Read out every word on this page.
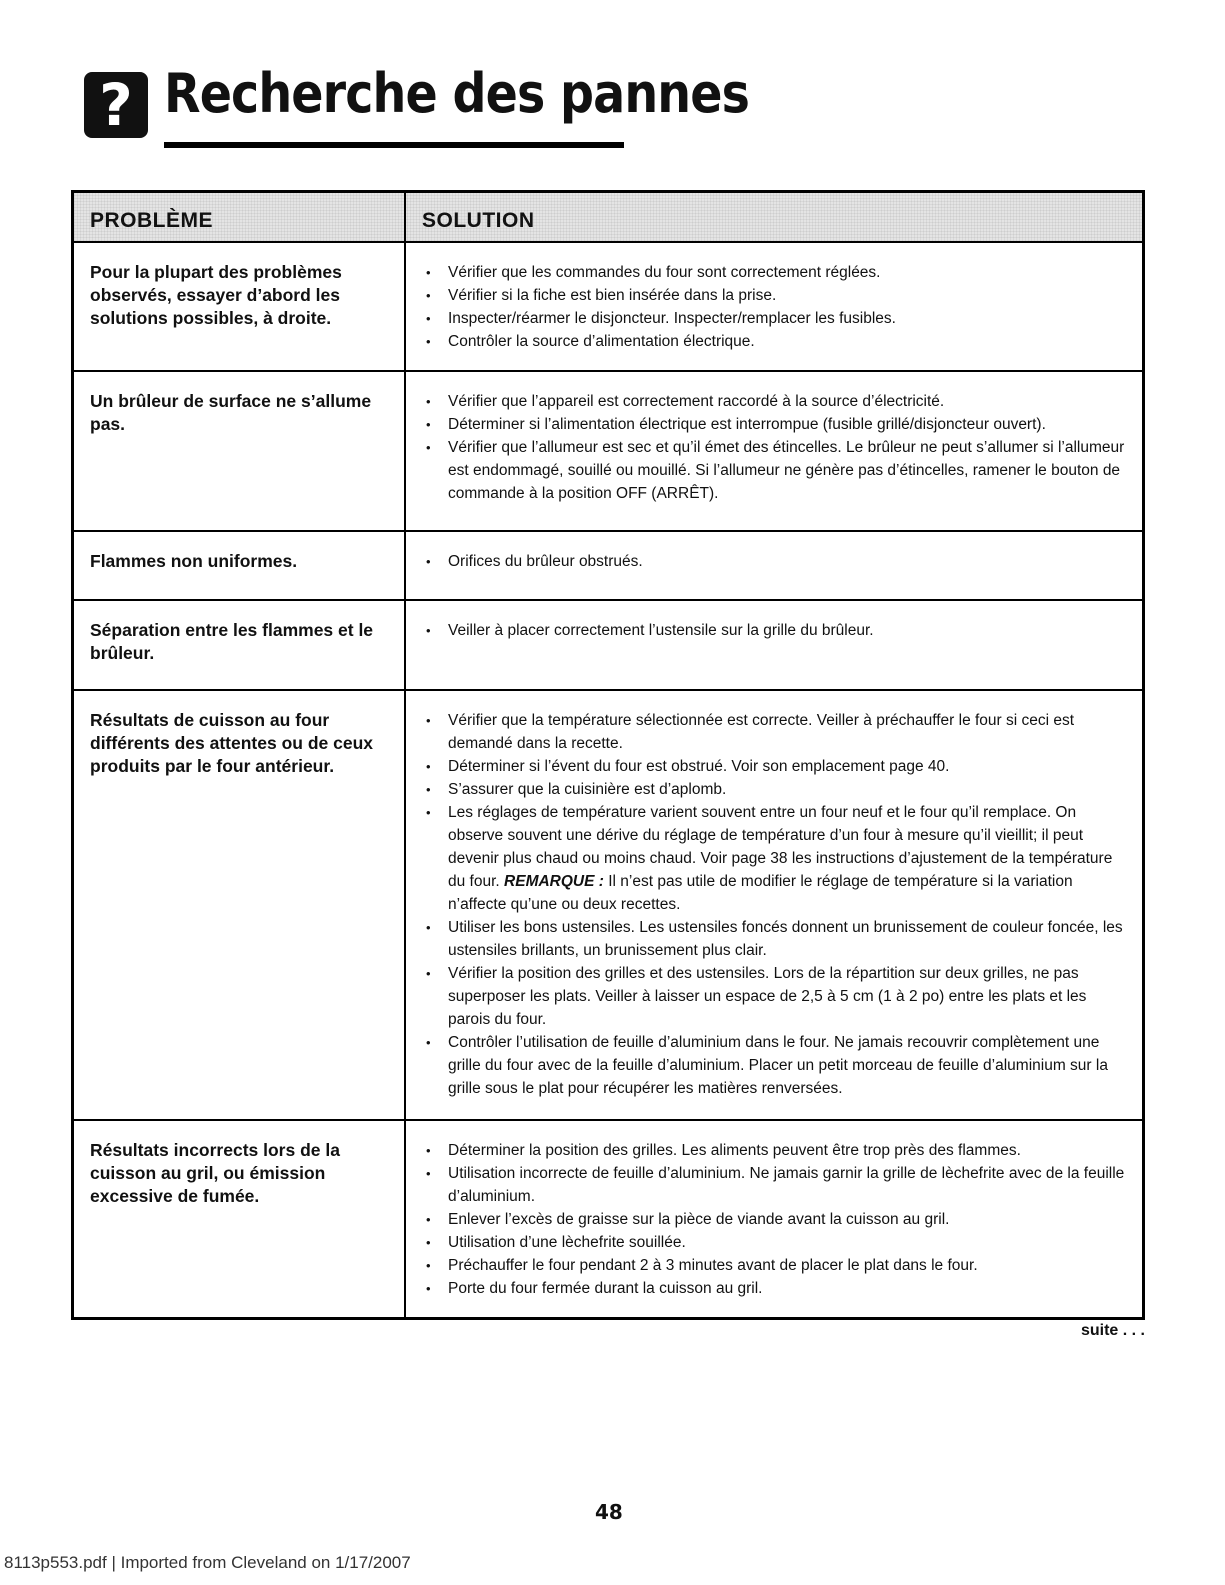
? Recherche des pannes
PROBLÈME	SOLUTION
Pour la plupart des problèmes observés, essayer d’abord les solutions possibles, à droite.
• Vérifier que les commandes du four sont correctement réglées.
• Vérifier si la fiche est bien insérée dans la prise.
• Inspecter/réarmer le disjoncteur. Inspecter/remplacer les fusibles.
• Contrôler la source d’alimentation électrique.
Un brûleur de surface ne s’allume pas.
• Vérifier que l’appareil est correctement raccordé à la source d’électricité.
• Déterminer si l’alimentation électrique est interrompue (fusible grillé/disjoncteur ouvert).
• Vérifier que l’allumeur est sec et qu’il émet des étincelles. Le brûleur ne peut s’allumer si l’allumeur est endommagé, souillé ou mouillé. Si l’allumeur ne génère pas d’étincelles, ramener le bouton de commande à la position OFF (ARRÊT).
Flammes non uniformes.
•	Orifices du brûleur obstrués.
Séparation entre les flammes et le brûleur.
• Veiller à placer correctement l’ustensile sur la grille du brûleur.
Résultats de cuisson au four différents des attentes ou de ceux produits par le four antérieur.
• Vérifier que la température sélectionnée est correcte. Veiller à préchauffer le four si ceci est demandé dans la recette.
• Déterminer si l’évent du four est obstrué. Voir son emplacement page 40.
• S’assurer que la cuisinière est d’aplomb.
• Les réglages de température varient souvent entre un four neuf et le four qu’il remplace. On observe souvent une dérive du réglage de température d’un four à mesure qu’il vieillit; il peut devenir plus chaud ou moins chaud. Voir page 38 les instructions d’ajustement de la température du four. REMARQUE : Il n’est pas utile de modifier le réglage de température si la variation n’affecte qu’une ou deux recettes.
• Utiliser les bons ustensiles. Les ustensiles foncés donnent un brunissement de couleur foncée, les ustensiles brillants, un brunissement plus clair.
• Vérifier la position des grilles et des ustensiles. Lors de la répartition sur deux grilles, ne pas superposer les plats. Veiller à laisser un espace de 2,5 à 5 cm (1 à 2 po) entre les plats et les parois du four.
• Contrôler l’utilisation de feuille d’aluminium dans le four. Ne jamais recouvrir complètement une grille du four avec de la feuille d’aluminium. Placer un petit morceau de feuille d’aluminium sur la grille sous le plat pour récupérer les matières renversées.
Résultats incorrects lors de la cuisson au gril, ou émission excessive de fumée.
• Déterminer la position des grilles. Les aliments peuvent être trop près des flammes.
• Utilisation incorrecte de feuille d’aluminium. Ne jamais garnir la grille de lèchefrite avec de la feuille d’aluminium.
• Enlever l’excès de graisse sur la pièce de viande avant la cuisson au gril.
• Utilisation d’une lèchefrite souillée.
• Préchauffer le four pendant 2 à 3 minutes avant de placer le plat dans le four.
• Porte du four fermée durant la cuisson au gril.
suite . . .
48
8113p553.pdf | Imported from Cleveland on 1/17/2007
